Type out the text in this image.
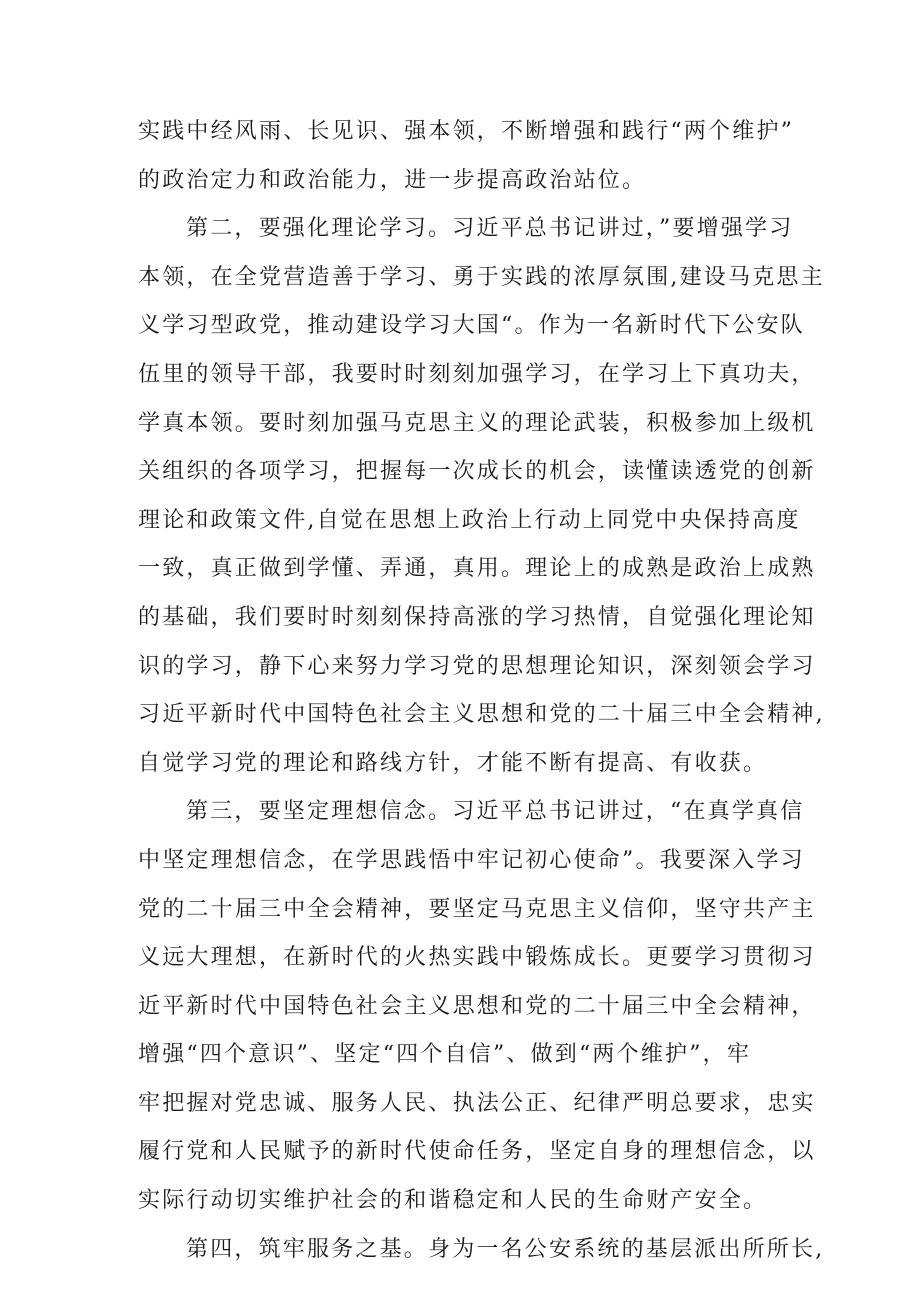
实践中经风雨、长见识、强本领，不断增强和践行“两个维护”
的政治定力和政治能力，进一步提高政治站位。
第二，要强化理论学习。习近平总书记讲过，”要增强学习
本领，在全党营造善于学习、勇于实践的浓厚氛围,建设马克思主
义学习型政党，推动建设学习大国“。作为一名新时代下公安队
伍里的领导干部，我要时时刻刻加强学习，在学习上下真功夫，
学真本领。要时刻加强马克思主义的理论武装，积极参加上级机
关组织的各项学习，把握每一次成长的机会，读懂读透党的创新
理论和政策文件,自觉在思想上政治上行动上同党中央保持高度
一致，真正做到学懂、弄通，真用。理论上的成熟是政治上成熟
的基础，我们要时时刻刻保持高涨的学习热情，自觉强化理论知
识的学习，静下心来努力学习党的思想理论知识，深刻领会学习
习近平新时代中国特色社会主义思想和党的二十届三中全会精神,
自觉学习党的理论和路线方针，才能不断有提高、有收获。
第三，要坚定理想信念。习近平总书记讲过，“在真学真信
中坚定理想信念，在学思践悟中牢记初心使命”。我要深入学习
党的二十届三中全会精神，要坚定马克思主义信仰，坚守共产主
义远大理想，在新时代的火热实践中锻炼成长。更要学习贯彻习
近平新时代中国特色社会主义思想和党的二十届三中全会精神，
增强“四个意识”、坚定“四个自信”、做到“两个维护”，牢
牢把握对党忠诚、服务人民、执法公正、纪律严明总要求，忠实
履行党和人民赋予的新时代使命任务，坚定自身的理想信念，以
实际行动切实维护社会的和谐稳定和人民的生命财产安全。
第四，筑牢服务之基。身为一名公安系统的基层派出所所长,
